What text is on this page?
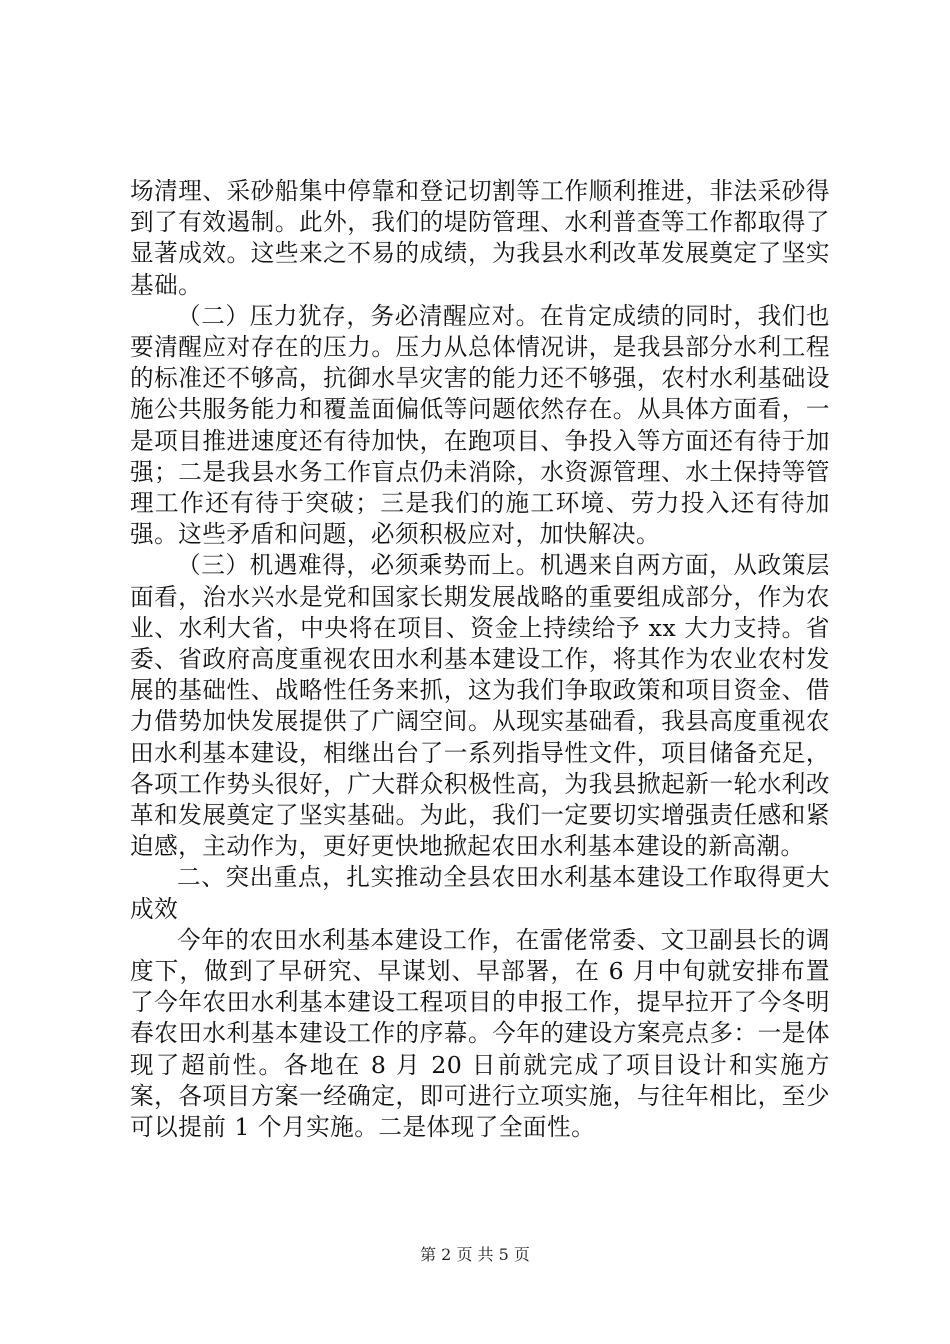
场清理、采砂船集中停靠和登记切割等工作顺利推进，非法采砂得到了有效遏制。此外，我们的堤防管理、水利普查等工作都取得了显著成效。这些来之不易的成绩，为我县水利改革发展奠定了坚实基础。

（二）压力犹存，务必清醒应对。在肯定成绩的同时，我们也要清醒应对存在的压力。压力从总体情况讲，是我县部分水利工程的标准还不够高，抗御水旱灾害的能力还不够强，农村水利基础设施公共服务能力和覆盖面偏低等问题依然存在。从具体方面看，一是项目推进速度还有待加快，在跑项目、争投入等方面还有待于加强；二是我县水务工作盲点仍未消除，水资源管理、水土保持等管理工作还有待于突破；三是我们的施工环境、劳力投入还有待加强。这些矛盾和问题，必须积极应对，加快解决。

（三）机遇难得，必须乘势而上。机遇来自两方面，从政策层面看，治水兴水是党和国家长期发展战略的重要组成部分，作为农业、水利大省，中央将在项目、资金上持续给予 xx 大力支持。省委、省政府高度重视农田水利基本建设工作，将其作为农业农村发展的基础性、战略性任务来抓，这为我们争取政策和项目资金、借力借势加快发展提供了广阔空间。从现实基础看，我县高度重视农田水利基本建设，相继出台了一系列指导性文件，项目储备充足，各项工作势头很好，广大群众积极性高，为我县掀起新一轮水利改革和发展奠定了坚实基础。为此，我们一定要切实增强责任感和紧迫感，主动作为，更好更快地掀起农田水利基本建设的新高潮。

二、突出重点，扎实推动全县农田水利基本建设工作取得更大成效

今年的农田水利基本建设工作，在雷佬常委、文卫副县长的调度下，做到了早研究、早谋划、早部署，在 6 月中旬就安排布置了今年农田水利基本建设工程项目的申报工作，提早拉开了今冬明春农田水利基本建设工作的序幕。今年的建设方案亮点多：一是体现了超前性。各地在 8 月 20 日前就完成了项目设计和实施方案，各项目方案一经确定，即可进行立项实施，与往年相比，至少可以提前 1 个月实施。二是体现了全面性。

第 2 页 共 5 页
